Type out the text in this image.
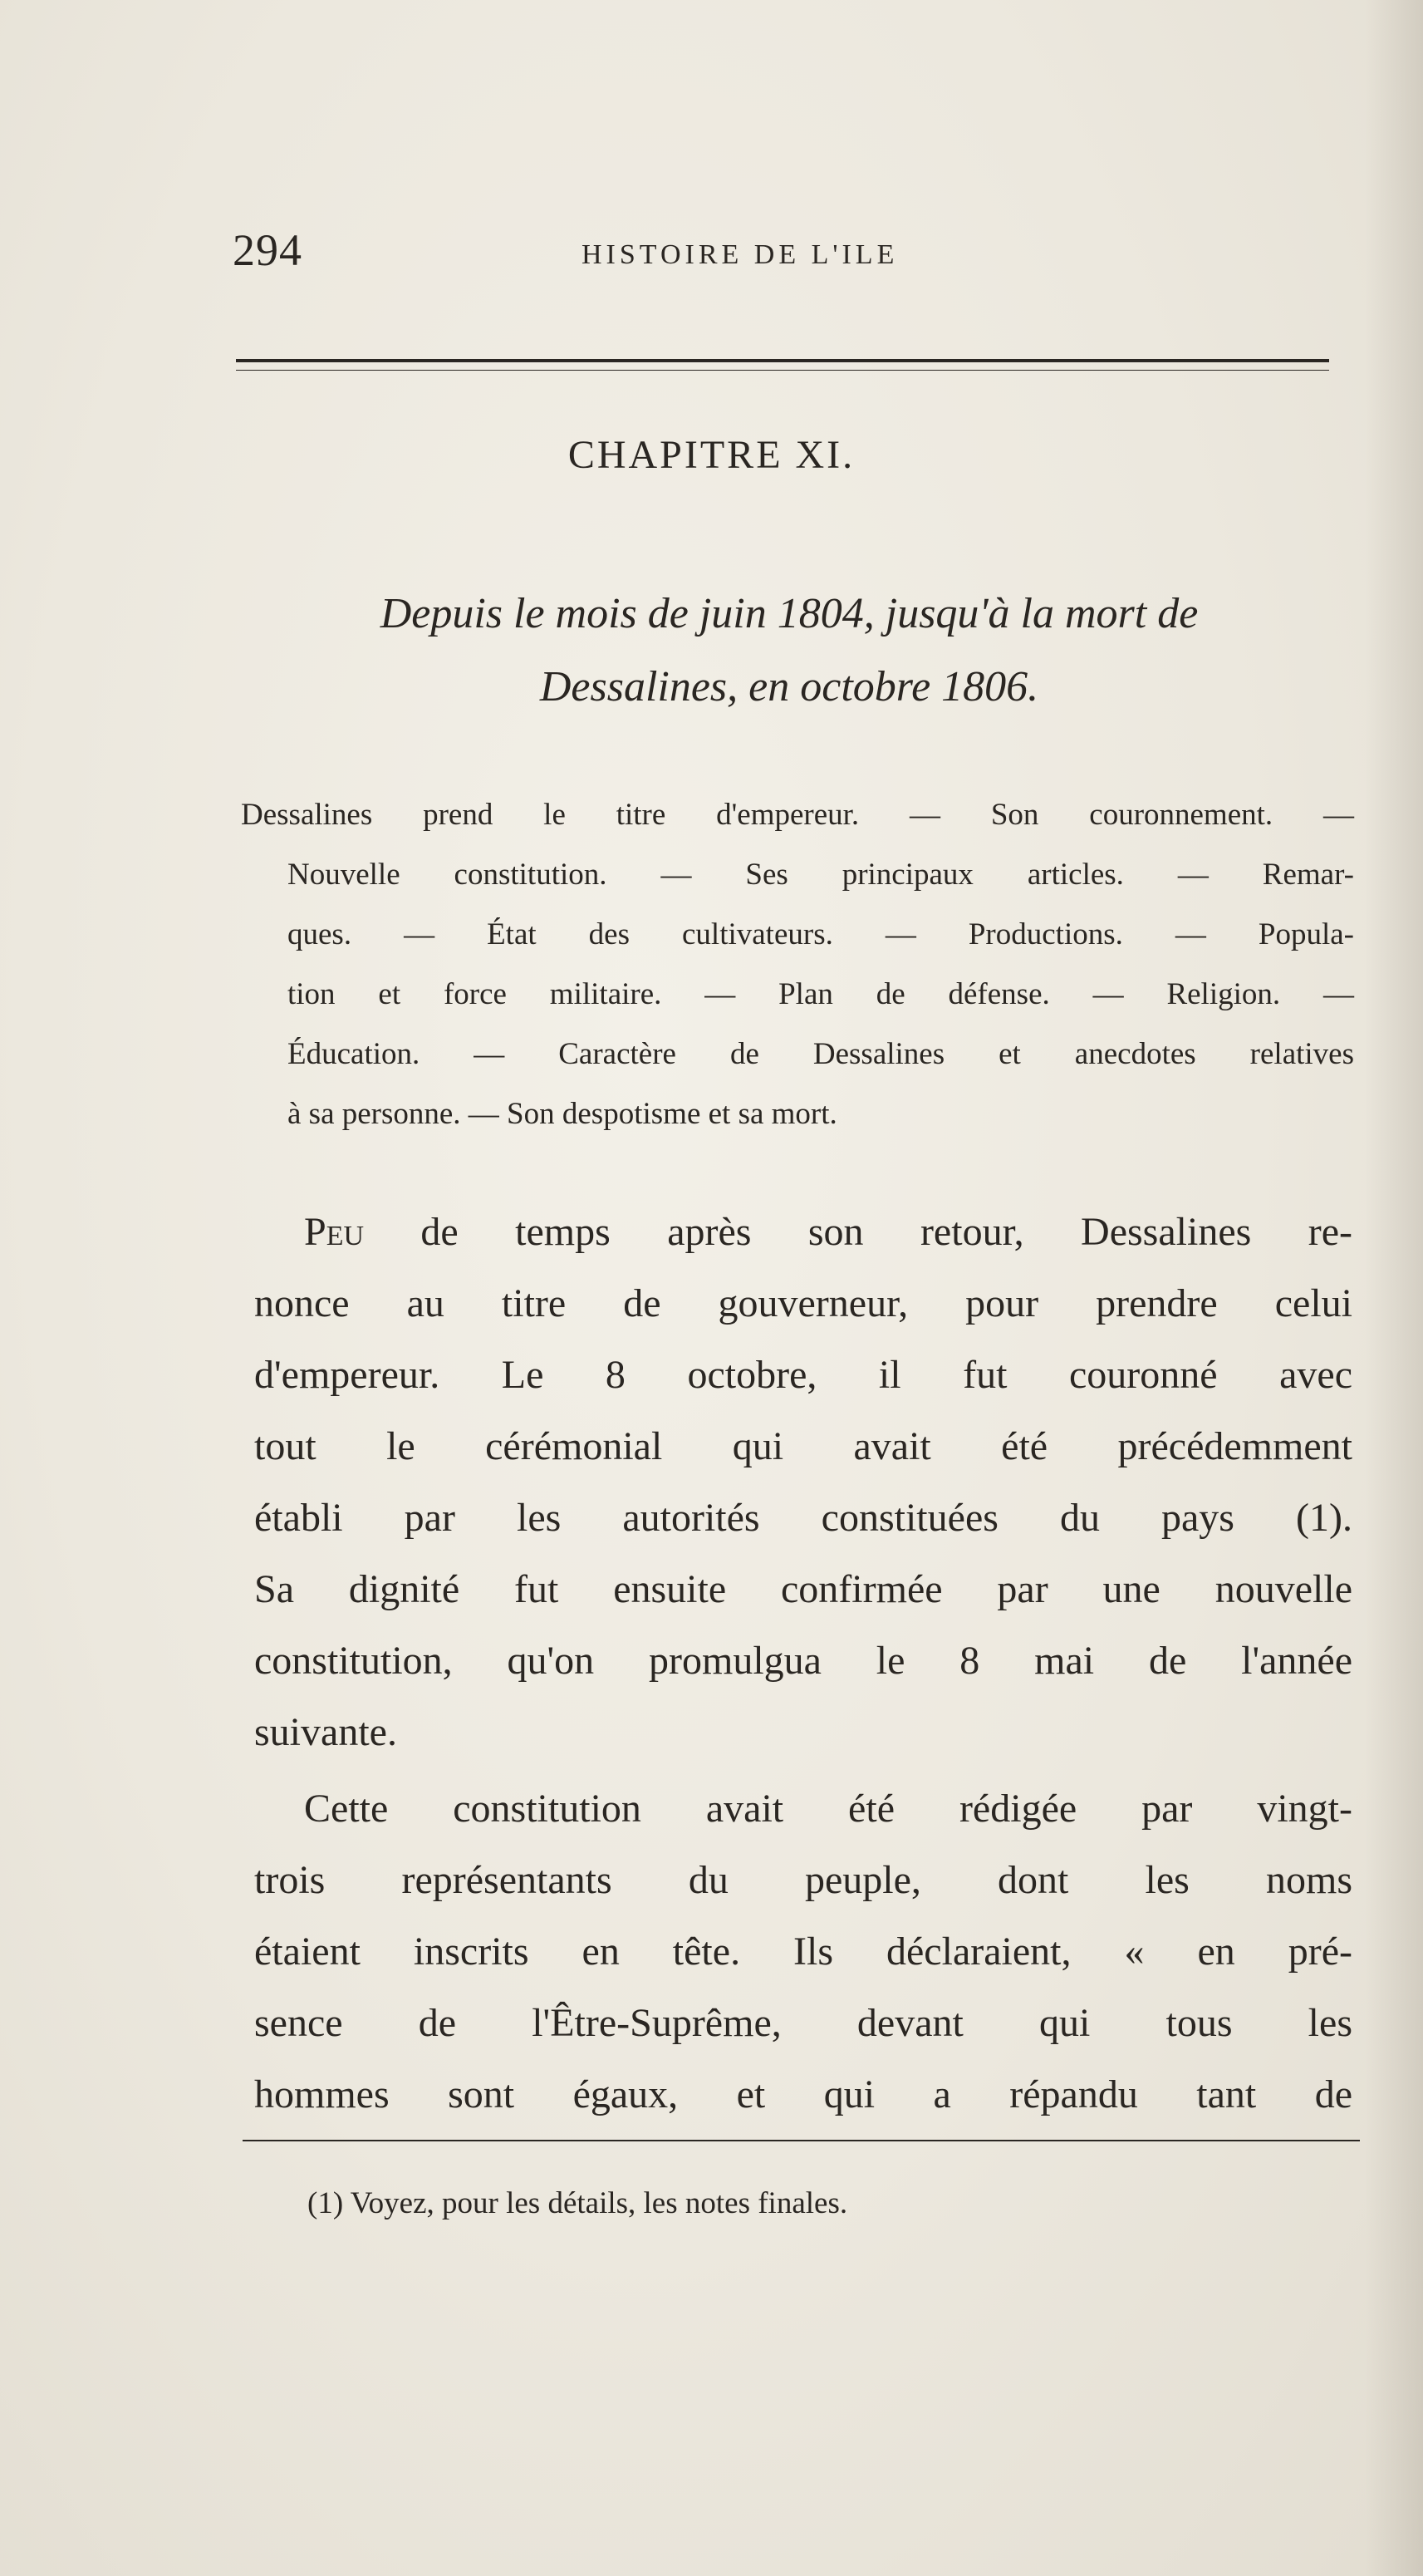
294	HISTOIRE DE L'ILE
CHAPITRE XI.
Depuis le mois de juin 1804, jusqu'à la mort de
Dessalines, en octobre 1806.
Dessalines prend le titre d'empereur. — Son couronnement. —
Nouvelle constitution. — Ses principaux articles. — Remar-
ques. — État des cultivateurs. — Productions. — Popula-
tion et force militaire. — Plan de défense. — Religion. —
Éducation. — Caractère de Dessalines et anecdotes relatives
à sa personne. — Son despotisme et sa mort.
Peu de temps après son retour, Dessalines re-
nonce au titre de gouverneur, pour prendre celui
d'empereur. Le 8 octobre, il fut couronné avec
tout le cérémonial qui avait été précédemment
établi par les autorités constituées du pays (1).
Sa dignité fut ensuite confirmée par une nouvelle
constitution, qu'on promulgua le 8 mai de l'année
suivante.
Cette constitution avait été rédigée par vingt-
trois représentants du peuple, dont les noms
étaient inscrits en tête. Ils déclaraient, « en pré-
sence de l'Être-Suprême, devant qui tous les
hommes sont égaux, et qui a répandu tant de
(1) Voyez, pour les détails, les notes finales.
